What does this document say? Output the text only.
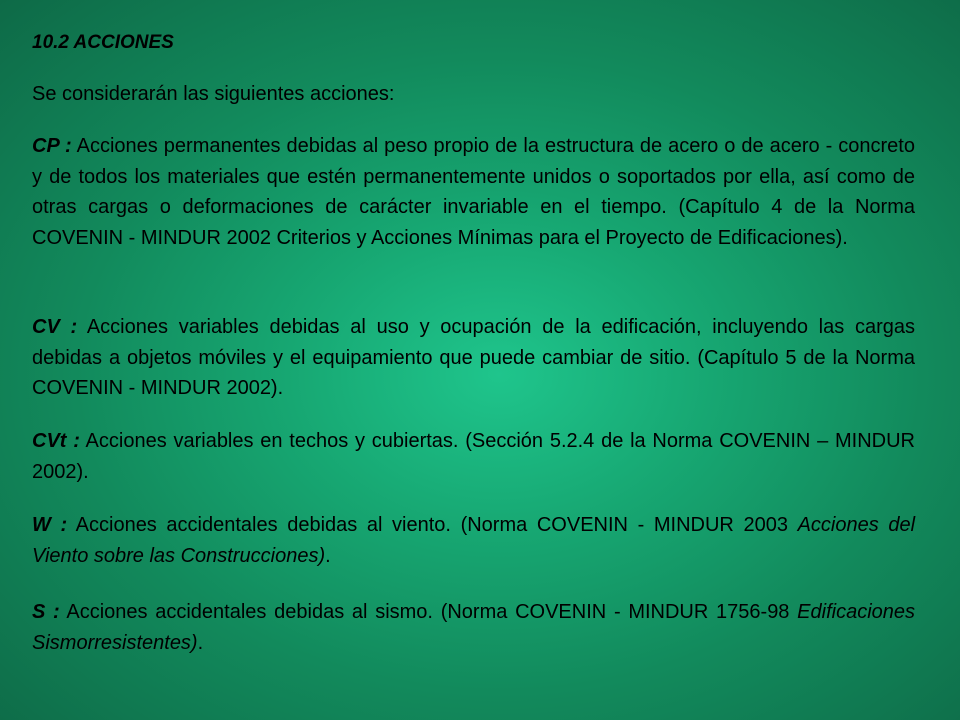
10.2 ACCIONES
Se considerarán las siguientes acciones:

CP : Acciones permanentes debidas al peso propio de la estructura de acero o de acero - concreto y de todos los materiales que estén permanentemente unidos o soportados por ella, así como de otras cargas o deformaciones de carácter invariable en el tiempo. (Capítulo 4 de la Norma COVENIN - MINDUR 2002 Criterios y Acciones Mínimas para el Proyecto de Edificaciones).

CV : Acciones variables debidas al uso y ocupación de la edificación, incluyendo las cargas debidas a objetos móviles y el equipamiento que puede cambiar de sitio. (Capítulo 5 de la Norma COVENIN - MINDUR 2002).

CVt : Acciones variables en techos y cubiertas. (Sección 5.2.4 de la Norma COVENIN – MINDUR 2002).

W : Acciones accidentales debidas al viento. (Norma COVENIN - MINDUR 2003 Acciones del Viento sobre las Construcciones).

S : Acciones accidentales debidas al sismo. (Norma COVENIN - MINDUR 1756-98 Edificaciones Sismorresistentes).
